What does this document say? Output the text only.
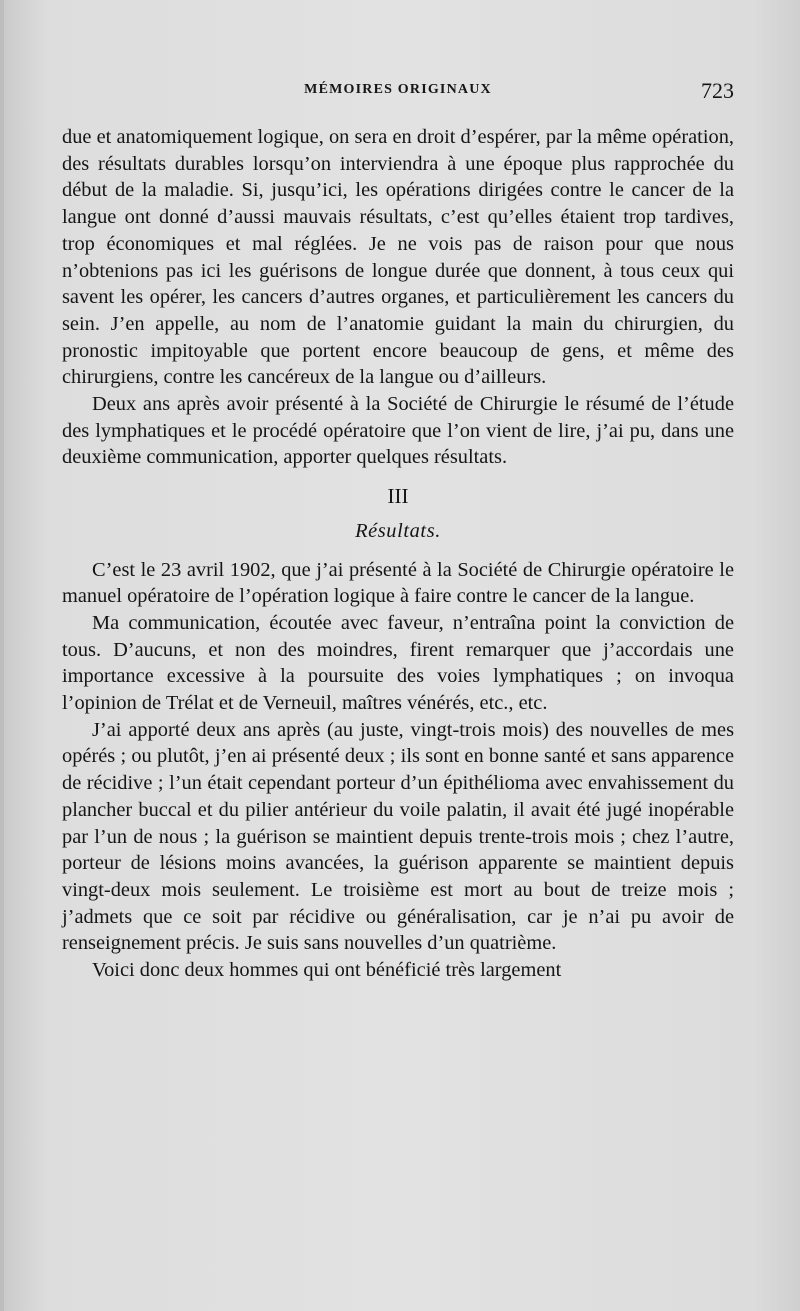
MÉMOIRES ORIGINAUX	723

due et anatomiquement logique, on sera en droit d’espérer, par la même opération, des résultats durables lorsqu’on interviendra à une époque plus rapprochée du début de la maladie. Si, jusqu’ici, les opérations dirigées contre le cancer de la langue ont donné d’aussi mauvais résultats, c’est qu’elles étaient trop tardives, trop économiques et mal réglées. Je ne vois pas de raison pour que nous n’obtenions pas ici les guérisons de longue durée que donnent, à tous ceux qui savent les opérer, les cancers d’autres organes, et particulièrement les cancers du sein. J’en appelle, au nom de l’anatomie guidant la main du chirurgien, du pronostic impitoyable que portent encore beaucoup de gens, et même des chirurgiens, contre les cancéreux de la langue ou d’ailleurs.

Deux ans après avoir présenté à la Société de Chirurgie le résumé de l’étude des lymphatiques et le procédé opératoire que l’on vient de lire, j’ai pu, dans une deuxième communication, apporter quelques résultats.

III

Résultats.

C’est le 23 avril 1902, que j’ai présenté à la Société de Chirurgie opératoire le manuel opératoire de l’opération logique à faire contre le cancer de la langue.

Ma communication, écoutée avec faveur, n’entraîna point la conviction de tous. D’aucuns, et non des moindres, firent remarquer que j’accordais une importance excessive à la poursuite des voies lymphatiques ; on invoqua l’opinion de Trélat et de Verneuil, maîtres vénérés, etc., etc.

J’ai apporté deux ans après (au juste, vingt-trois mois) des nouvelles de mes opérés ; ou plutôt, j’en ai présenté deux ; ils sont en bonne santé et sans apparence de récidive ; l’un était cependant porteur d’un épithélioma avec envahissement du plancher buccal et du pilier antérieur du voile palatin, il avait été jugé inopérable par l’un de nous ; la guérison se maintient depuis trente-trois mois ; chez l’autre, porteur de lésions moins avancées, la guérison apparente se maintient depuis vingt-deux mois seulement. Le troisième est mort au bout de treize mois ; j’admets que ce soit par récidive ou généralisation, car je n’ai pu avoir de renseignement précis. Je suis sans nouvelles d’un quatrième.

Voici donc deux hommes qui ont bénéficié très largement
